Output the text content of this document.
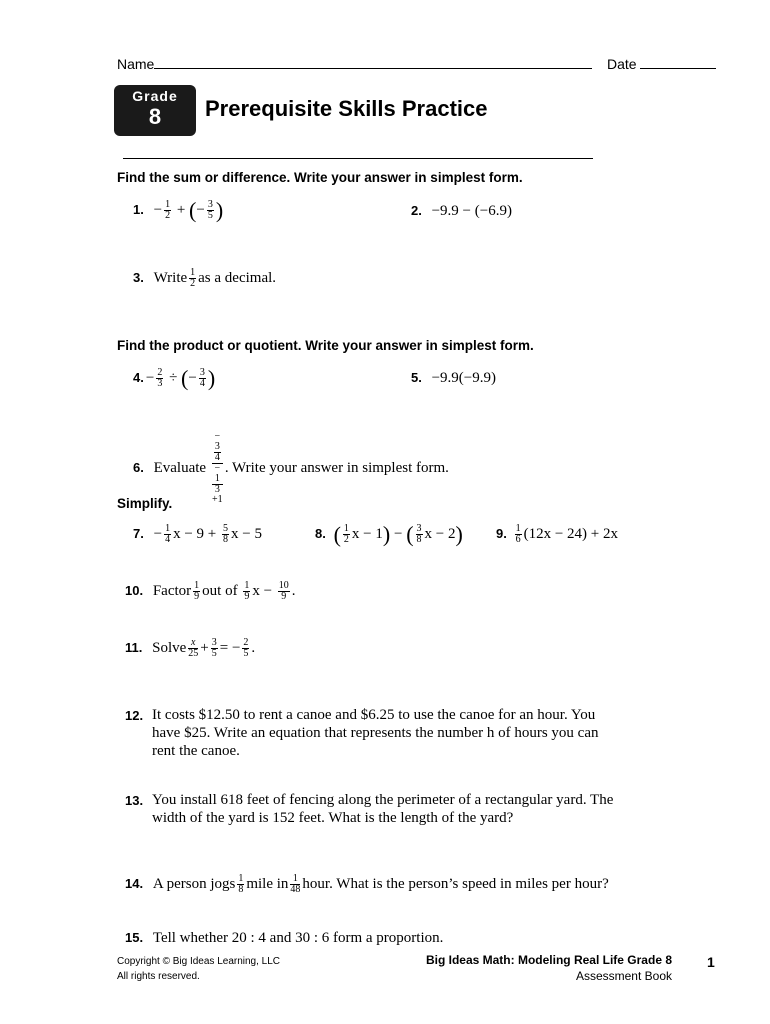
Name	Date
Grade
8	Prerequisite Skills Practice
Find the sum or difference. Write your answer in simplest form.
1. − $\frac{1}{2}$ + (− $\frac{3}{5}$ )	2. −9.9 − (−6.9)
3. Write $\frac{1}{2}$ as a decimal.
Find the product or quotient. Write your answer in simplest form.
4. − $\frac{2}{3}$ ÷ (− $\frac{3}{4}$ )	5. −9.9(−9.9)
6. Evaluate −
3
4
−
1
3
+1 . Write your answer in simplest form.
Simplify.
7. − $\frac{1}{4}$ $x - 9 + \frac{5}{8}$ x − 5	8. ( $\frac{1}{2}$ x − 1) − ( $\frac{3}{8}$ x − 2)	9. $\frac{1}{6} (12x - 24) + 2x$
10. Factor $\frac{1}{9}$ out of $\frac{1}{9}$ $x - \frac{10}{9}$ .
11. Solve $\frac{x}{25} + \frac{3}{5}$ = − $\frac{2}{5}$ .
12. It costs $12.50 to rent a canoe and $6.25 to use the canoe for an hour. You have $25. Write an equation that represents the number h of hours you can rent the canoe.
13. You install 618 feet of fencing along the perimeter of a rectangular yard. The width of the yard is 152 feet. What is the length of the yard?
14. A person jogs $\frac{1}{8}$ mile in $\frac{1}{48}$ hour. What is the person’s speed in miles per hour?
15. Tell whether 20 : 4 and 30 : 6 form a proportion.
Copyright © Big Ideas Learning, LLC
All rights reserved.
Big Ideas Math: Modeling Real Life Grade 8
Assessment Book
1
